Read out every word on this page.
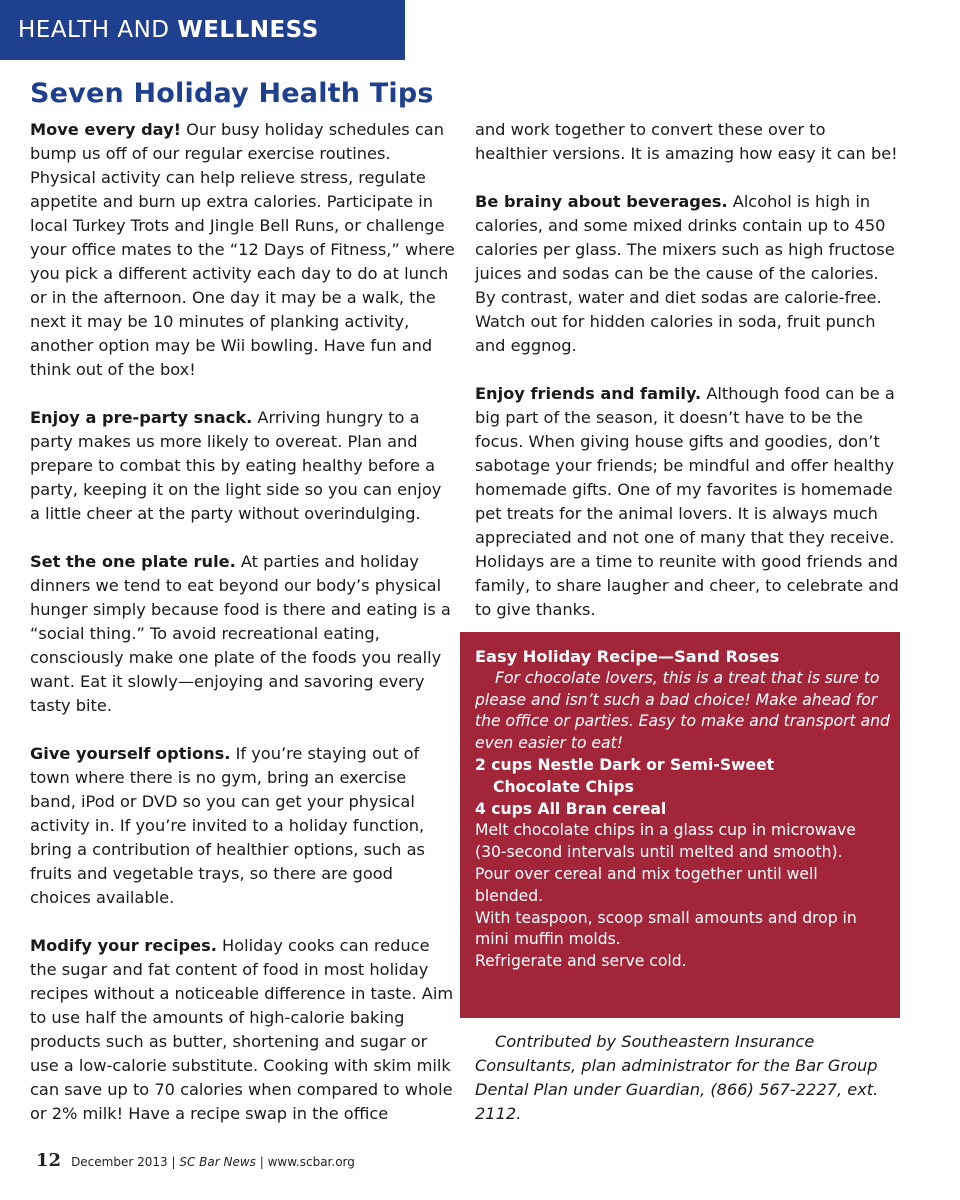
HEALTH AND WELLNESS
Seven Holiday Health Tips

Move every day! Our busy holiday schedules can bump us off of our regular exercise routines. Physical activity can help relieve stress, regulate appetite and burn up extra calories. Participate in local Turkey Trots and Jingle Bell Runs, or challenge your office mates to the “12 Days of Fitness,” where you pick a different activity each day to do at lunch or in the afternoon. One day it may be a walk, the next it may be 10 minutes of planking activity, another option may be Wii bowling. Have fun and think out of the box!

Enjoy a pre-party snack. Arriving hungry to a party makes us more likely to overeat. Plan and prepare to combat this by eating healthy before a party, keeping it on the light side so you can enjoy a little cheer at the party without overindulging.

Set the one plate rule. At parties and holiday dinners we tend to eat beyond our body’s physical hunger simply because food is there and eating is a “social thing.” To avoid recreational eating, consciously make one plate of the foods you really want. Eat it slowly—enjoying and savoring every tasty bite.

Give yourself options. If you’re staying out of town where there is no gym, bring an exercise band, iPod or DVD so you can get your physical activity in. If you’re invited to a holiday function, bring a contribution of healthier options, such as fruits and vegetable trays, so there are good choices available.

Modify your recipes. Holiday cooks can reduce the sugar and fat content of food in most holiday recipes without a noticeable difference in taste. Aim to use half the amounts of high-calorie baking products such as butter, shortening and sugar or use a low-calorie substitute. Cooking with skim milk can save up to 70 calories when compared to whole or 2% milk! Have a recipe swap in the office

and work together to convert these over to healthier versions. It is amazing how easy it can be!

Be brainy about beverages. Alcohol is high in calories, and some mixed drinks contain up to 450 calories per glass. The mixers such as high fructose juices and sodas can be the cause of the calories. By contrast, water and diet sodas are calorie-free. Watch out for hidden calories in soda, fruit punch and eggnog.

Enjoy friends and family. Although food can be a big part of the season, it doesn’t have to be the focus. When giving house gifts and goodies, don’t sabotage your friends; be mindful and offer healthy homemade gifts. One of my favorites is homemade pet treats for the animal lovers. It is always much appreciated and not one of many that they receive. Holidays are a time to reunite with good friends and family, to share laugher and cheer, to celebrate and to give thanks.

Easy Holiday Recipe—Sand Roses

For chocolate lovers, this is a treat that is sure to please and isn’t such a bad choice! Make ahead for the office or parties. Easy to make and transport and even easier to eat!

2 cups Nestle Dark or Semi-Sweet

Chocolate Chips

4 cups All Bran cereal

Melt chocolate chips in a glass cup in microwave (30-second intervals until melted and smooth).

Pour over cereal and mix together until well blended.

With teaspoon, scoop small amounts and drop in mini muffin molds.

Refrigerate and serve cold.

Contributed by Southeastern Insurance Consultants, plan administrator for the Bar Group Dental Plan under Guardian, (866) 567-2227, ext. 2112.

12 December 2013 | SC Bar News | www.scbar.org
